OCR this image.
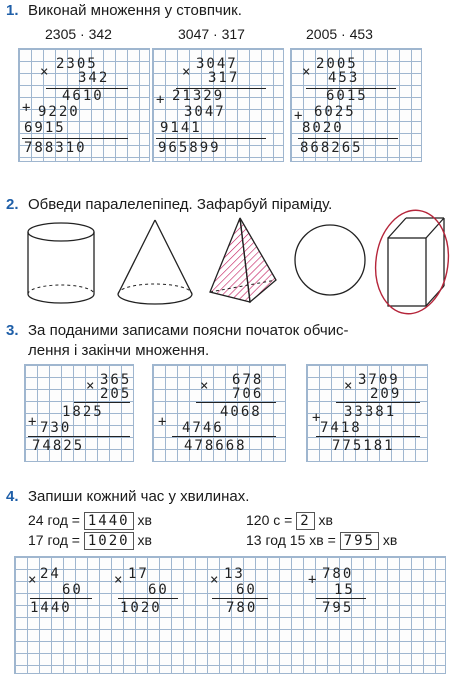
1. Виконай множення у стовпчик.
2305 · 342	3047 · 317	2005 · 453
× 2305
342
4610
+ 9220
6915
788310
× 3047
317
+ 21329
3047
9141
965899
× 2005
453
6015
+ 6025
8020
868265
2. Обведи паралелепіпед. Зафарбуй піраміду.
3. За поданими записами поясни початок обчис-
лення і закінчи множення.
× 365
205
1825
+ 730
74825
× 678
706
4068
+ 4746
478668
× 3709
209
33381
+
7418
775181
4. Запиши кожний час у хвилинах.
24 год = 1440 хв	120 с = 2 хв
17 год = 1020 хв	13 год 15 хв = 795 хв
× 24
60
1440
× 17
60
1020
× 13
60
780
+ 780
15
795
